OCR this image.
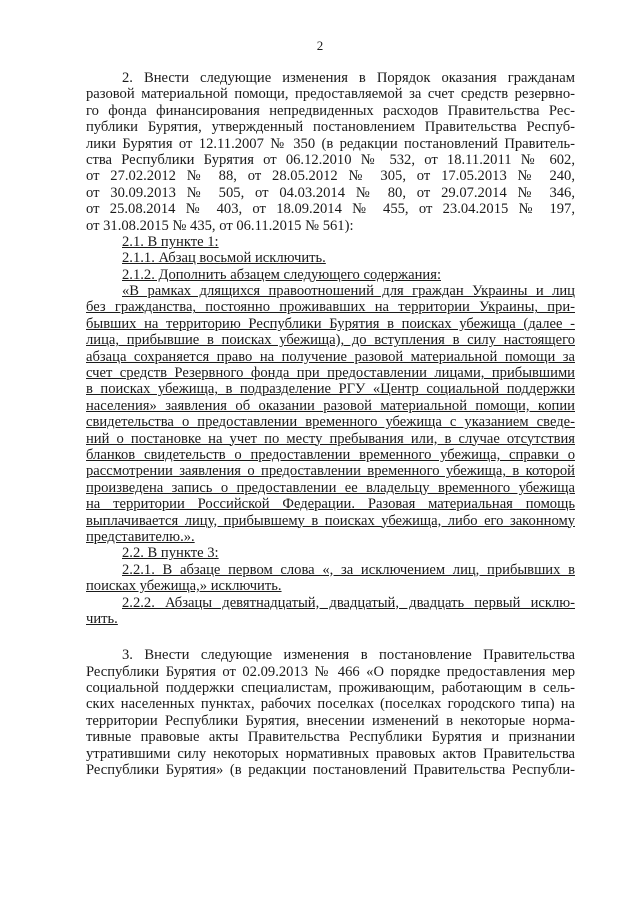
2
2. Внести следующие изменения в Порядок оказания гражданам
разовой материальной помощи, предоставляемой за счет средств резервно-
го фонда финансирования непредвиденных расходов Правительства Рес-
публики Бурятия, утвержденный постановлением Правительства Респуб-
лики Бурятия от 12.11.2007 № 350 (в редакции постановлений Правитель-
ства Республики Бурятия от 06.12.2010 № 532, от 18.11.2011 № 602,
от 27.02.2012 № 88, от 28.05.2012 № 305, от 17.05.2013 № 240,
от 30.09.2013 № 505, от 04.03.2014 № 80, от 29.07.2014 № 346,
от 25.08.2014 № 403, от 18.09.2014 № 455, от 23.04.2015 № 197,
от 31.08.2015 № 435, от 06.11.2015 № 561):
2.1. В пункте 1:
2.1.1. Абзац восьмой исключить.
2.1.2. Дополнить абзацем следующего содержания:
«В рамках длящихся правоотношений для граждан Украины и лиц
без гражданства, постоянно проживавших на территории Украины, при-
бывших на территорию Республики Бурятия в поисках убежища (далее -
лица, прибывшие в поисках убежища), до вступления в силу настоящего
абзаца сохраняется право на получение разовой материальной помощи за
счет средств Резервного фонда при предоставлении лицами, прибывшими
в поисках убежища, в подразделение РГУ «Центр социальной поддержки
населения» заявления об оказании разовой материальной помощи, копии
свидетельства о предоставлении временного убежища с указанием сведе-
ний о постановке на учет по месту пребывания или, в случае отсутствия
бланков свидетельств о предоставлении временного убежища, справки о
рассмотрении заявления о предоставлении временного убежища, в которой
произведена запись о предоставлении ее владельцу временного убежища
на территории Российской Федерации. Разовая материальная помощь
выплачивается лицу, прибывшему в поисках убежища, либо его законному
представителю.».
2.2. В пункте 3:
2.2.1. В абзаце первом слова «, за исключением лиц, прибывших в
поисках убежища,» исключить.
2.2.2. Абзацы девятнадцатый, двадцатый, двадцать первый исклю-
чить.
3. Внести следующие изменения в постановление Правительства
Республики Бурятия от 02.09.2013 № 466 «О порядке предоставления мер
социальной поддержки специалистам, проживающим, работающим в сель-
ских населенных пунктах, рабочих поселках (поселках городского типа) на
территории Республики Бурятия, внесении изменений в некоторые норма-
тивные правовые акты Правительства Республики Бурятия и признании
утратившими силу некоторых нормативных правовых актов Правительства
Республики Бурятия» (в редакции постановлений Правительства Республи-
